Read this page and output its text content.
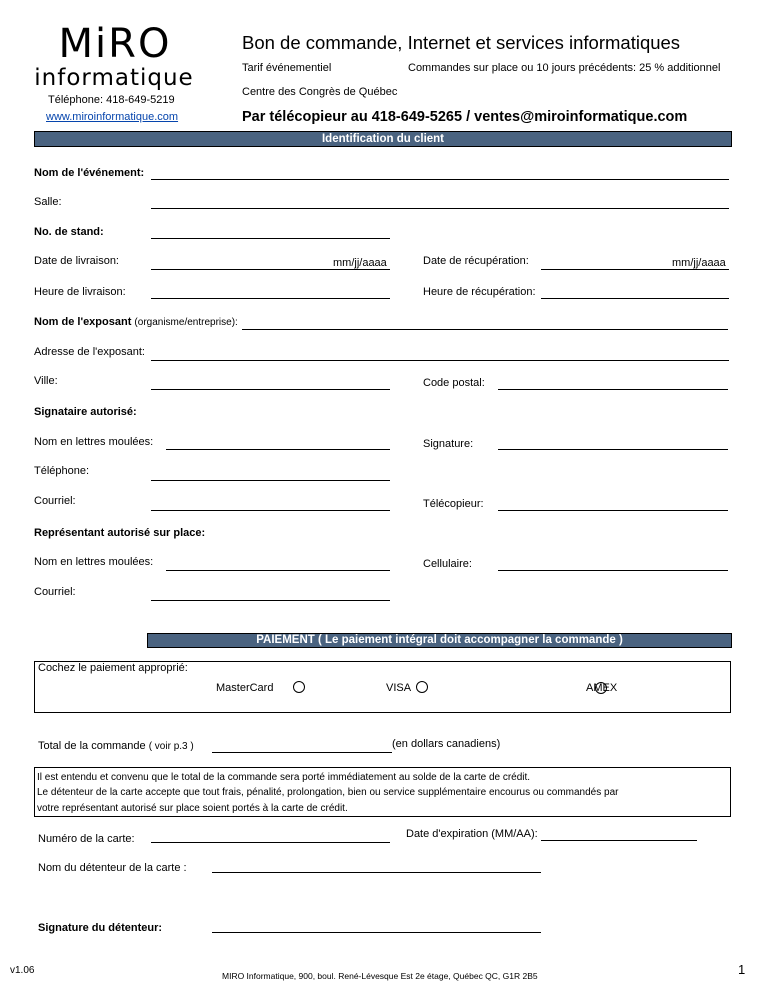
MiRO
informatique
Téléphone: 418-649-5219
www.miroinformatique.com
Bon de commande, Internet et services informatiques
Tarif événementiel	Commandes sur place ou 10 jours précédents: 25 % additionnel
Centre des Congrès de Québec
Par télécopieur au 418-649-5265 / ventes@miroinformatique.com
Identification du client
Nom de l'événement:
Salle:
No. de stand:
Date de livraison:	mm/jj/aaaa	Date de récupération:	mm/jj/aaaa
Heure de livraison:	Heure de récupération:
Nom de l'exposant (organisme/entreprise):
Adresse de l'exposant:
Ville:	Code postal:
Signataire autorisé:
Nom en lettres moulées:	Signature:
Téléphone:
Courriel:	Télécopieur:
Représentant autorisé sur place:
Nom en lettres moulées:	Cellulaire:
Courriel:
PAIEMENT ( Le paiement intégral doit accompagner la commande )
Cochez le paiement approprié:
MasterCard	VISA	AMEX
Total de la commande ( voir p.3 )	(en dollars canadiens)
Il est entendu et convenu que le total de la commande sera porté immédiatement au solde de la carte de crédit.
Le détenteur de la carte accepte que tout frais, pénalité, prolongation, bien ou service supplémentaire encourus ou commandés par
votre représentant autorisé sur place soient portés à la carte de crédit.
Numéro de la carte:	Date d'expiration (MM/AA):
Nom du détenteur de la carte :
Signature du détenteur:
v1.06	MIRO Informatique, 900, boul. René-Lévesque Est 2e étage, Québec QC, G1R 2B5	1
